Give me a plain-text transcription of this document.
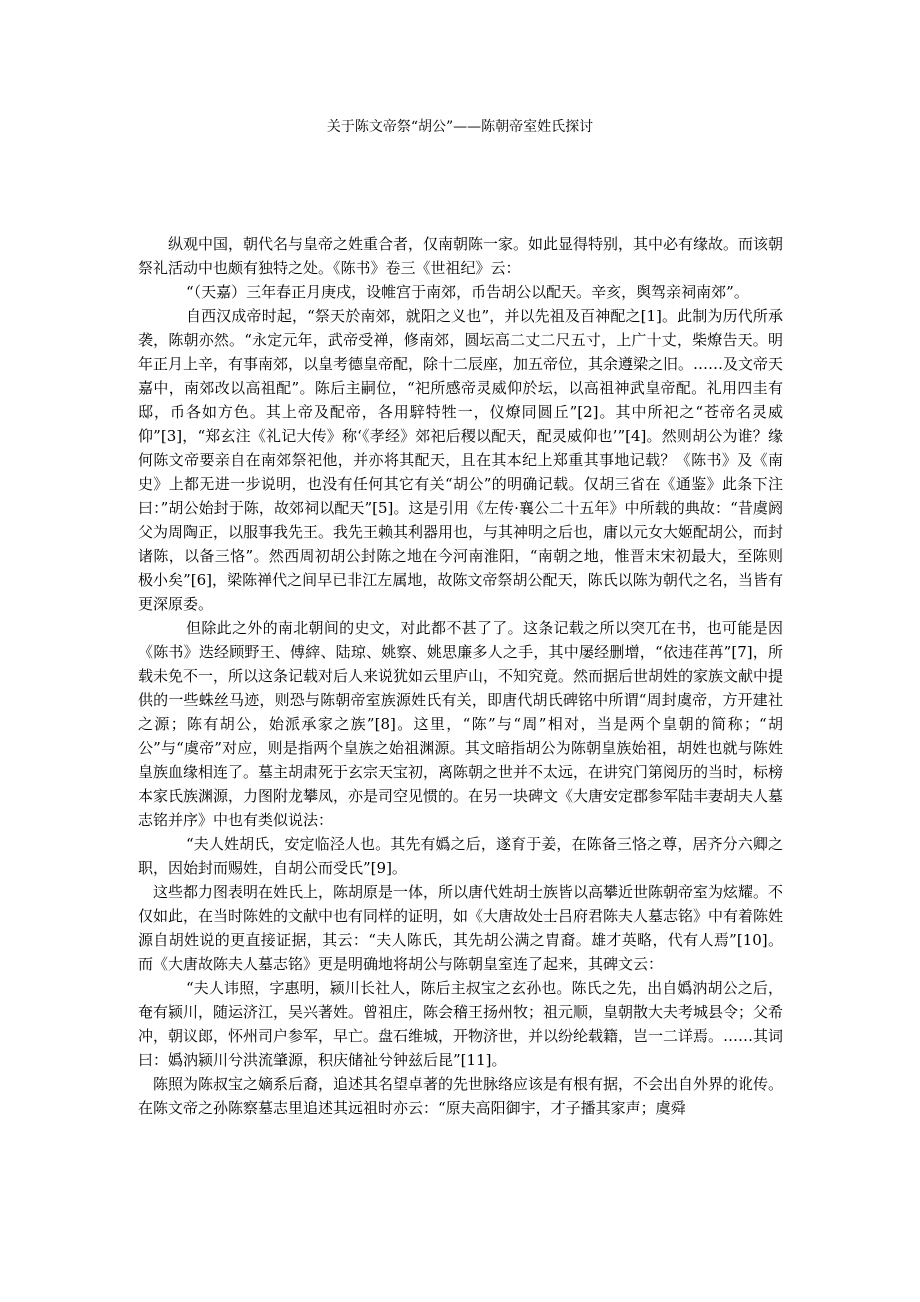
关于陈文帝祭“胡公”——陈朝帝室姓氏探讨

纵观中国，朝代名与皇帝之姓重合者，仅南朝陈一家。如此显得特别，其中必有缘故。而该朝祭礼活动中也颇有独特之处。《陈书》卷三《世祖纪》云：

“（天嘉）三年春正月庚戌，设帷宫于南郊，币告胡公以配天。辛亥，舆驾亲祠南郊”。

自西汉成帝时起，“祭天於南郊，就阳之义也”，并以先祖及百神配之[1]。此制为历代所承袭，陈朝亦然。“永定元年，武帝受禅，修南郊，圆坛高二丈二尺五寸，上广十丈，柴燎告天。明年正月上辛，有事南郊，以皇考德皇帝配，除十二辰座，加五帝位，其余遵梁之旧。……及文帝天嘉中，南郊改以高祖配”。陈后主嗣位，“祀所感帝灵威仰於坛，以高祖神武皇帝配。礼用四圭有邸，币各如方色。其上帝及配帝，各用騂特牲一，仪燎同圆丘”[2]。其中所祀之“苍帝名灵威仰”[3]，“郑玄注《礼记大传》称‘《孝经》郊祀后稷以配天，配灵威仰也’”[4]。然则胡公为谁？缘何陈文帝要亲自在南郊祭祀他，并亦将其配天，且在其本纪上郑重其事地记载？《陈书》及《南史》上都无进一步说明，也没有任何其它有关“胡公”的明确记载。仅胡三省在《通鉴》此条下注曰：”胡公始封于陈，故郊祠以配天”[5]。这是引用《左传·襄公二十五年》中所载的典故：“昔虞阏父为周陶正，以服事我先王。我先王赖其利器用也，与其神明之后也，庸以元女大姬配胡公，而封诸陈，以备三恪”。然西周初胡公封陈之地在今河南淮阳，“南朝之地，惟晋末宋初最大，至陈则极小矣”[6]，梁陈禅代之间早已非江左属地，故陈文帝祭胡公配天，陈氏以陈为朝代之名，当皆有更深原委。

但除此之外的南北朝间的史文，对此都不甚了了。这条记载之所以突兀在书，也可能是因《陈书》迭经顾野王、傅縡、陆琼、姚察、姚思廉多人之手，其中屡经删增，“依违荏苒”[7]，所载未免不一，所以这条记载对后人来说犹如云里庐山，不知究竟。然而据后世胡姓的家族文献中提供的一些蛛丝马迹，则恐与陈朝帝室族源姓氏有关，即唐代胡氏碑铭中所谓“周封虞帝，方开建社之源；陈有胡公，始派承家之族”[8]。这里，“陈”与“周”相对，当是两个皇朝的简称；“胡公”与“虞帝”对应，则是指两个皇族之始祖渊源。其文暗指胡公为陈朝皇族始祖，胡姓也就与陈姓皇族血缘相连了。墓主胡肃死于玄宗天宝初，离陈朝之世并不太远，在讲究门第阅历的当时，标榜本家氏族渊源，力图附龙攀凤，亦是司空见惯的。在另一块碑文《大唐安定郡参军陆丰妻胡夫人墓志铭并序》中也有类似说法：

“夫人姓胡氏，安定临泾人也。其先有嬀之后，遂育于姜，在陈备三恪之尊，居齐分六卿之职，因始封而赐姓，自胡公而受氏”[9]。

这些都力图表明在姓氏上，陈胡原是一体，所以唐代姓胡士族皆以高攀近世陈朝帝室为炫耀。不仅如此，在当时陈姓的文献中也有同样的证明，如《大唐故处士吕府君陈夫人墓志铭》中有着陈姓源自胡姓说的更直接证据，其云：“夫人陈氏，其先胡公满之胄裔。雄才英略，代有人焉”[10]。而《大唐故陈夫人墓志铭》更是明确地将胡公与陈朝皇室连了起来，其碑文云：

“夫人讳照，字惠明，颍川长社人，陈后主叔宝之玄孙也。陈氏之先，出自嬀汭胡公之后，奄有颍川，随运济江，吴兴著姓。曾祖庄，陈会稽王扬州牧；祖元顺，皇朝散大夫考城县令；父希冲，朝议郎，怀州司户参军，早亡。盘石维城，开物济世，并以纷纶载籍，岂一二详焉。……其词曰：嬀汭颍川兮洪流肇源，积庆储祉兮钟兹后昆”[11]。

陈照为陈叔宝之嫡系后裔，追述其名望卓著的先世脉络应该是有根有据，不会出自外界的讹传。在陈文帝之孙陈察墓志里追述其远祖时亦云：“原夫高阳御宇，才子播其家声；虞舜
